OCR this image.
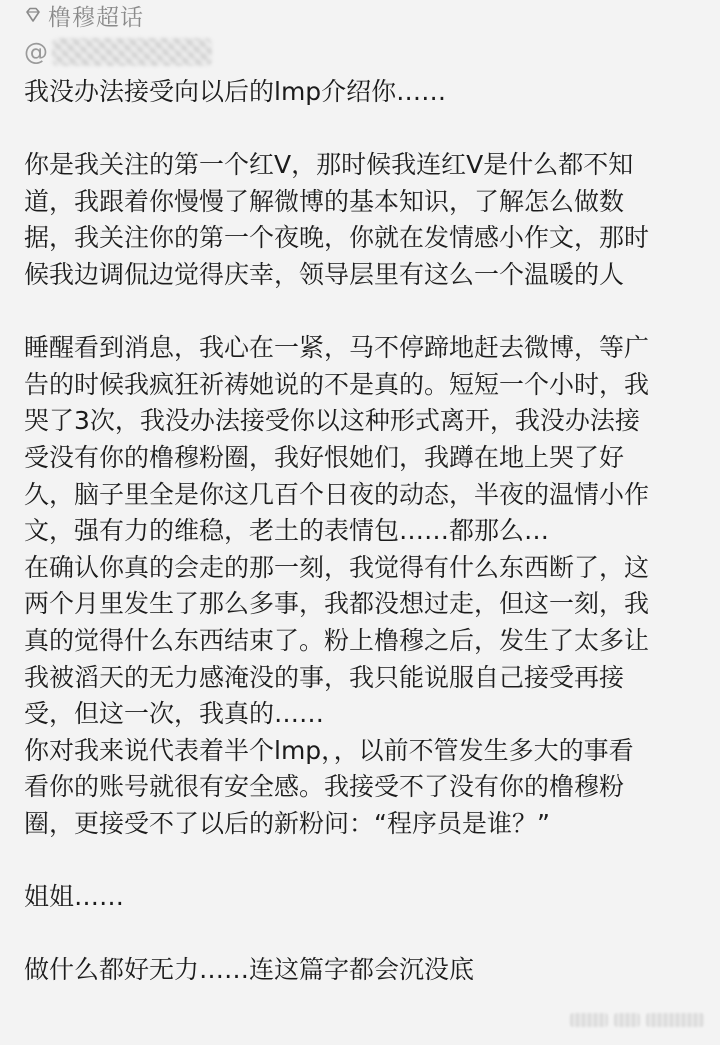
橹穆超话
@

我没办法接受向以后的lmp介绍你……

你是我关注的第一个红V，那时候我连红V是什么都不知

道，我跟着你慢慢了解微博的基本知识，了解怎么做数

据，我关注你的第一个夜晚，你就在发情感小作文，那时

候我边调侃边觉得庆幸，领导层里有这么一个温暖的人

睡醒看到消息，我心在一紧，马不停蹄地赶去微博，等广

告的时候我疯狂祈祷她说的不是真的。短短一个小时，我

哭了3次，我没办法接受你以这种形式离开，我没办法接

受没有你的橹穆粉圈，我好恨她们，我蹲在地上哭了好

久，脑子里全是你这几百个日夜的动态，半夜的温情小作

文，强有力的维稳，老土的表情包……都那么…

在确认你真的会走的那一刻，我觉得有什么东西断了，这

两个月里发生了那么多事，我都没想过走，但这一刻，我

真的觉得什么东西结束了。粉上橹穆之后，发生了太多让

我被滔天的无力感淹没的事，我只能说服自己接受再接

受，但这一次，我真的……

你对我来说代表着半个lmp，，以前不管发生多大的事看

看你的账号就很有安全感。我接受不了没有你的橹穆粉

圈，更接受不了以后的新粉问：“程序员是谁？”

姐姐……

做什么都好无力……连这篇字都会沉没底
